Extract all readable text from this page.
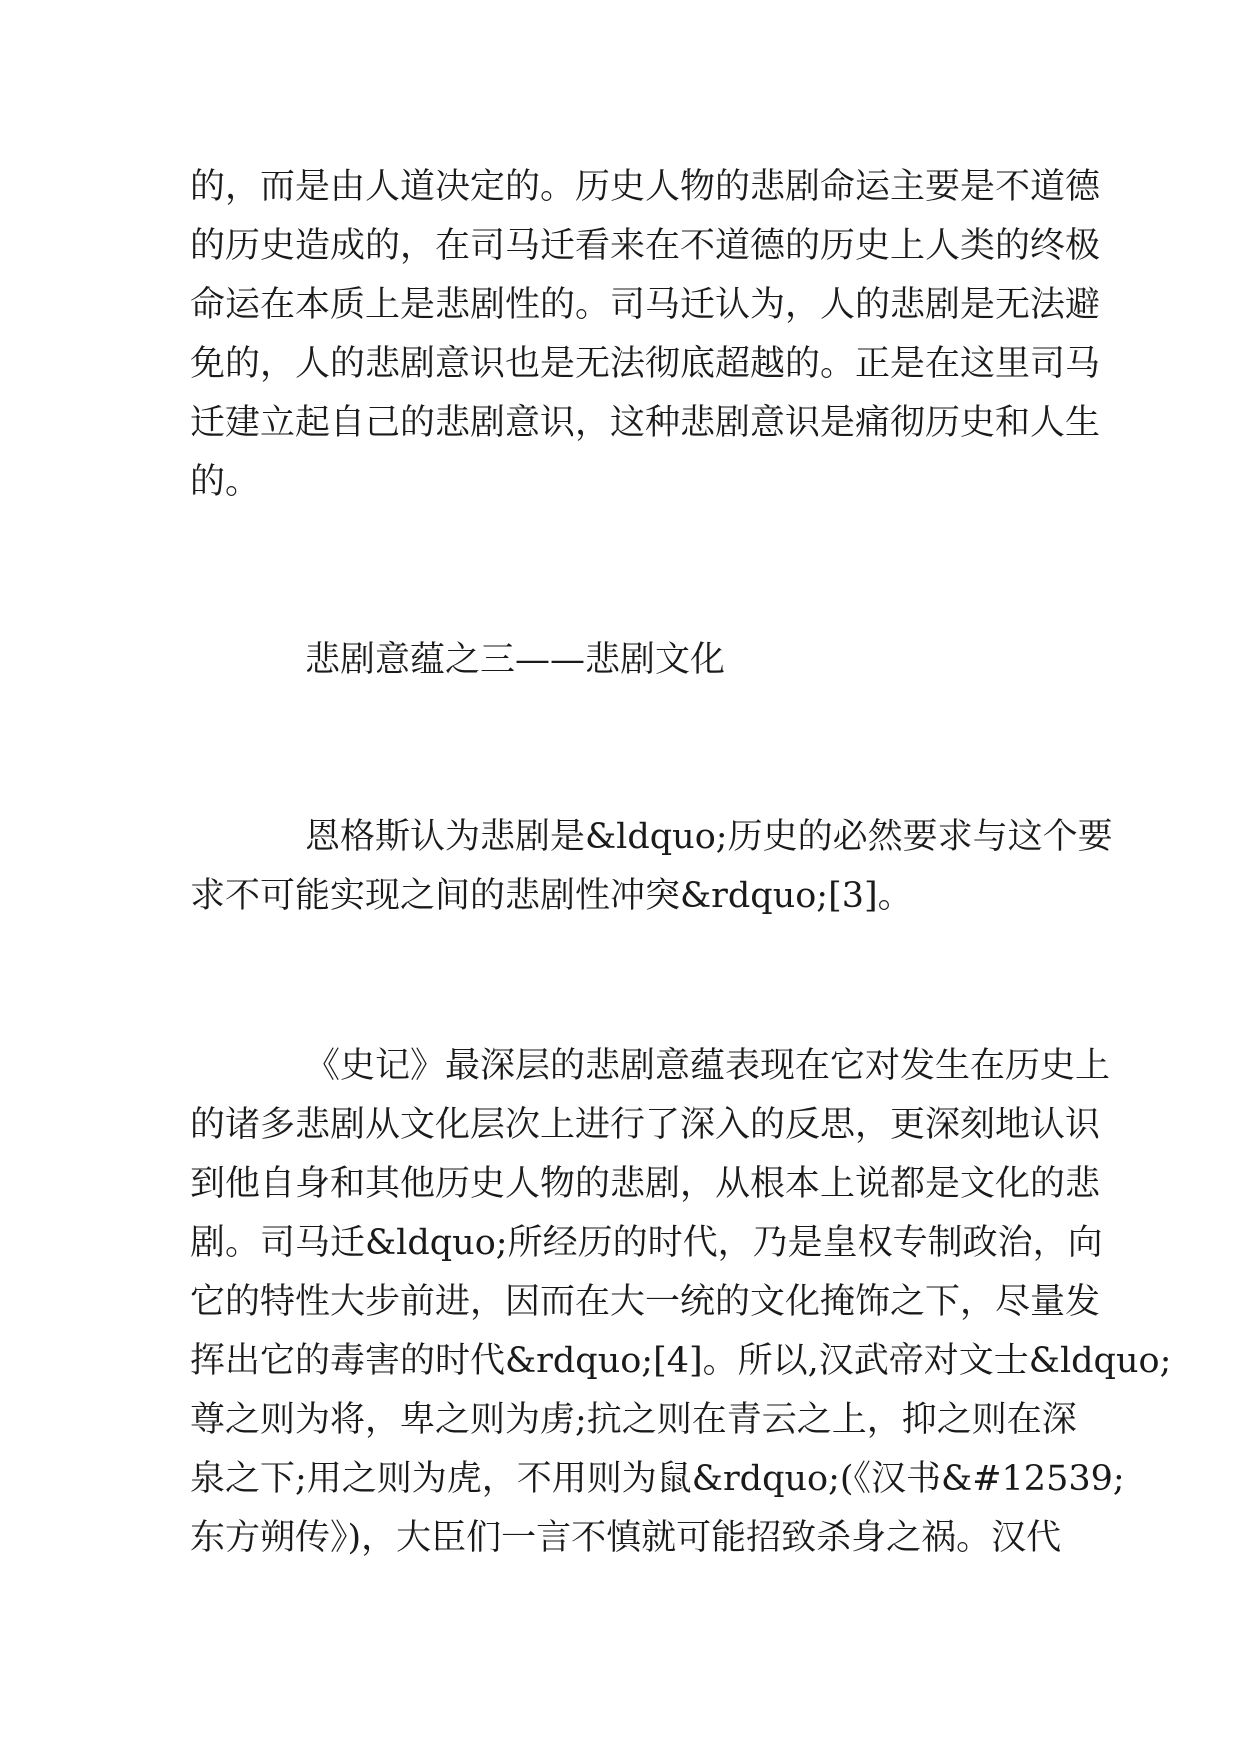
的，而是由人道决定的。历史人物的悲剧命运主要是不道德
的历史造成的，在司马迁看来在不道德的历史上人类的终极
命运在本质上是悲剧性的。司马迁认为，人的悲剧是无法避
免的，人的悲剧意识也是无法彻底超越的。正是在这里司马
迁建立起自己的悲剧意识，这种悲剧意识是痛彻历史和人生
的。
悲剧意蕴之三——悲剧文化
恩格斯认为悲剧是&ldquo;历史的必然要求与这个要
求不可能实现之间的悲剧性冲突&rdquo;[3]。
《史记》最深层的悲剧意蕴表现在它对发生在历史上
的诸多悲剧从文化层次上进行了深入的反思，更深刻地认识
到他自身和其他历史人物的悲剧，从根本上说都是文化的悲
剧。司马迁&ldquo;所经历的时代，乃是皇权专制政治，向
它的特性大步前进，因而在大一统的文化掩饰之下，尽量发
挥出它的毒害的时代&rdquo;[4]。所以,汉武帝对文士&ldquo;
尊之则为将，卑之则为虏;抗之则在青云之上，抑之则在深
泉之下;用之则为虎，不用则为鼠&rdquo;(《汉书&#12539;
东方朔传》)，大臣们一言不慎就可能招致杀身之祸。汉代
